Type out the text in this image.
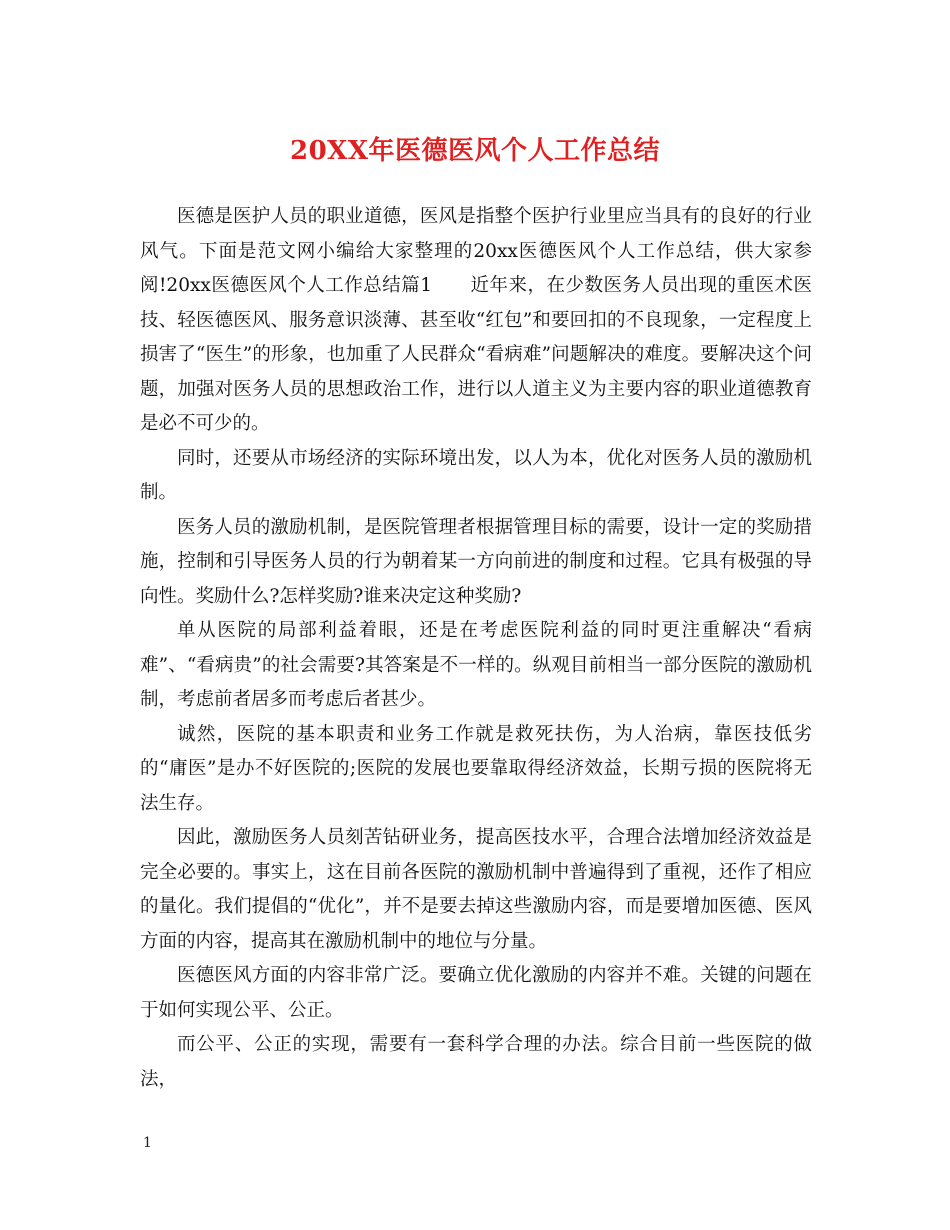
20XX年医德医风个人工作总结

医德是医护人员的职业道德，医风是指整个医护行业里应当具有的良好的行业风气。下面是范文网小编给大家整理的20xx医德医风个人工作总结，供大家参阅!20xx医德医风个人工作总结篇1　　近年来，在少数医务人员出现的重医术医技、轻医德医风、服务意识淡薄、甚至收“红包”和要回扣的不良现象，一定程度上损害了“医生”的形象，也加重了人民群众“看病难”问题解决的难度。要解决这个问题，加强对医务人员的思想政治工作，进行以人道主义为主要内容的职业道德教育是必不可少的。

同时，还要从市场经济的实际环境出发，以人为本，优化对医务人员的激励机制。

医务人员的激励机制，是医院管理者根据管理目标的需要，设计一定的奖励措施，控制和引导医务人员的行为朝着某一方向前进的制度和过程。它具有极强的导向性。奖励什么?怎样奖励?谁来决定这种奖励?

单从医院的局部利益着眼，还是在考虑医院利益的同时更注重解决“看病难”、“看病贵”的社会需要?其答案是不一样的。纵观目前相当一部分医院的激励机制，考虑前者居多而考虑后者甚少。

诚然，医院的基本职责和业务工作就是救死扶伤，为人治病，靠医技低劣的“庸医”是办不好医院的;医院的发展也要靠取得经济效益，长期亏损的医院将无法生存。

因此，激励医务人员刻苦钻研业务，提高医技水平，合理合法增加经济效益是完全必要的。事实上，这在目前各医院的激励机制中普遍得到了重视，还作了相应的量化。我们提倡的“优化”，并不是要去掉这些激励内容，而是要增加医德、医风方面的内容，提高其在激励机制中的地位与分量。

医德医风方面的内容非常广泛。要确立优化激励的内容并不难。关键的问题在于如何实现公平、公正。

而公平、公正的实现，需要有一套科学合理的办法。综合目前一些医院的做法，

1
